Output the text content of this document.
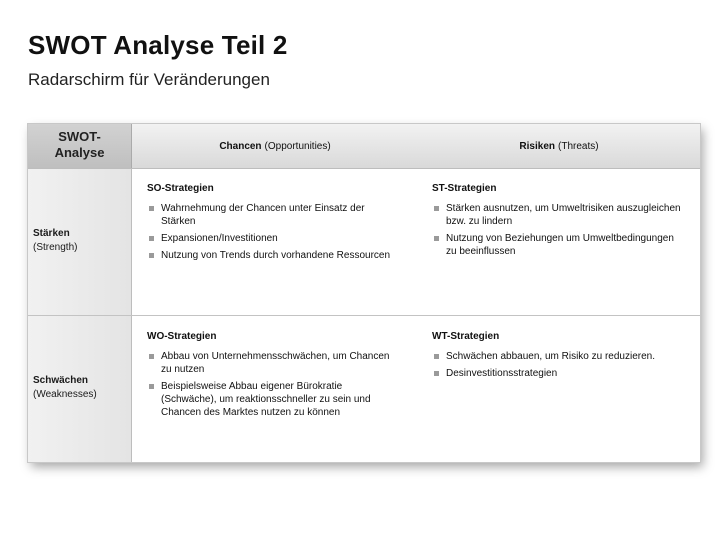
SWOT Analyse Teil 2
Radarschirm für Veränderungen
SWOT-
Analyse	Chancen (Opportunities)	Risiken (Threats)
Stärken
(Strength)
SO-Strategien
Wahrnehmung der Chancen unter Einsatz der Stärken
Expansionen/Investitionen
Nutzung von Trends durch vorhandene Ressourcen
ST-Strategien
Stärken ausnutzen, um Umweltrisiken auszugleichen bzw. zu lindern
Nutzung von Beziehungen um Umweltbedingungen zu beeinflussen
Schwächen
(Weaknesses)
WO-Strategien
Abbau von Unternehmensschwächen, um Chancen zu nutzen
Beispielsweise Abbau eigener Bürokratie (Schwäche), um reaktionsschneller zu sein und Chancen des Marktes nutzen zu können
WT-Strategien
Schwächen abbauen, um Risiko zu reduzieren.
Desinvestitionsstrategien
